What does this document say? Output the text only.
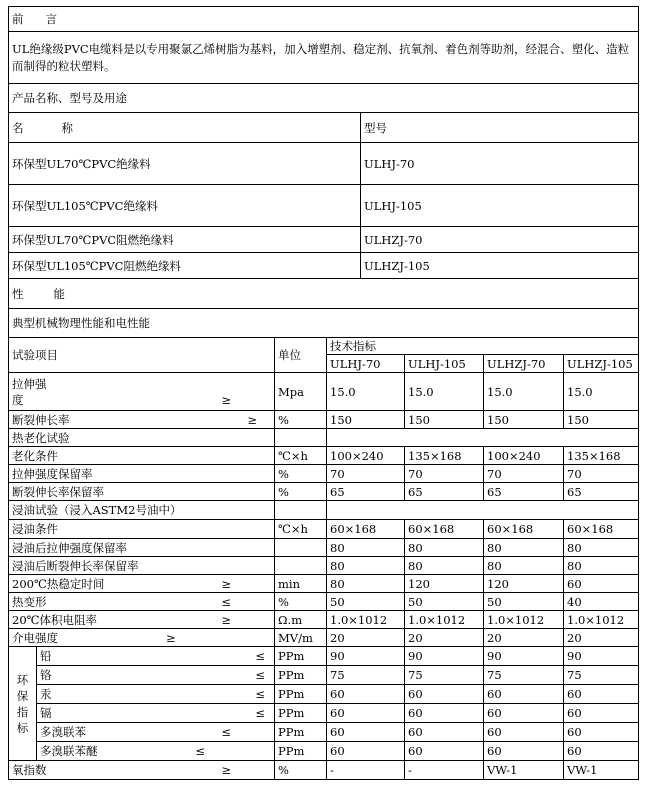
前 言	
UL绝缘级PVC电缆料是以专用聚氯乙烯树脂为基料，加入增塑剂、稳定剂、抗氧剂、着色剂等助剂，经混合、塑化、造粒而制得的粒状塑料。	
产品名称、型号及用途	
名 称	型号
环保型UL70℃PVC绝缘料	ULHJ-70
环保型UL105℃PVC绝缘料	ULHJ-105
环保型UL70℃PVC阻燃绝缘料	ULHZJ-70
环保型UL105℃PVC阻燃绝缘料	ULHZJ-105
性 能	
典型机械物理性能和电性能	
试验项目		单位	技术指标			
			ULHJ-70	ULHJ-105	ULHZJ-70	ULHZJ-105
拉伸强
度 ≥		Mpa	15.0	15.0	15.0	15.0
断裂伸长率 ≥		%	150	150	150	150
热老化试验						
老化条件		℃×h	100×240	135×168	100×240	135×168
拉伸强度保留率		%	70	70	70	70
断裂伸长率保留率		%	65	65	65	65
浸油试验（浸入ASTM2号油中）						
浸油条件		℃×h	60×168	60×168	60×168	60×168
浸油后拉伸强度保留率			80	80	80	80
浸油后断裂伸长率保留率			80	80	80	80
200℃热稳定时间 ≥		min	80	120	120	60
热变形 ≤		%	50	50	50	40
20℃体积电阻率 ≥		Ω.m	1.0×1012	1.0×1012	1.0×1012	1.0×1012
介电强度 ≥		MV/m	20	20	20	20
环
保
指
标	铅 ≤	PPm	90	90	90	90
	铬 ≤	PPm	75	75	75	75
	汞 ≤	PPm	60	60	60	60
	镉 ≤	PPm	60	60	60	60
	多溴联苯 ≤	PPm	60	60	60	60
	多溴联苯醚 ≤	PPm	60	60	60	60
氧指数 ≥		%	-	-	VW-1	VW-1
